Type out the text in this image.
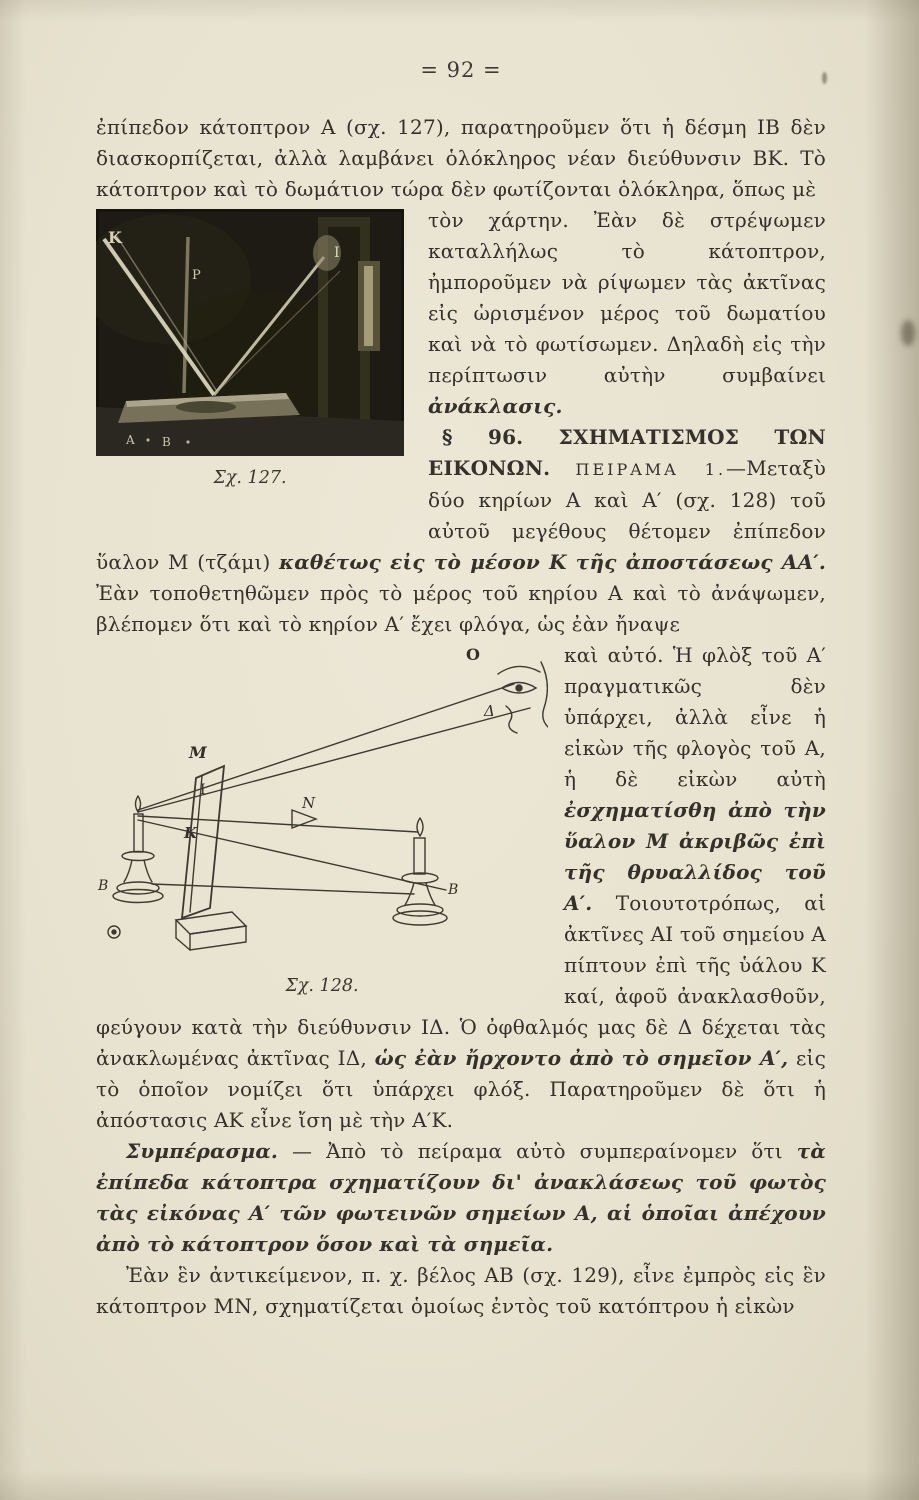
= 92 =

ἐπίπεδον κάτοπτρον Α (σχ. 127), παρατηροῦμεν ὅτι ἡ δέσμη ΙΒ δὲν διασκορπίζεται, ἀλλὰ λαμβάνει ὁλόκληρος νέαν διεύθυνσιν ΒΚ. Τὸ κάτοπτρον καὶ τὸ δωμάτιον τώρα δὲν φωτίζονται ὁλόκληρα, ὅπως μὲ

K
P
I
A B
Σχ. 127.

τὸν χάρτην. Ἐὰν δὲ στρέψωμεν καταλλήλως τὸ κάτοπτρον, ἠμποροῦμεν νὰ ρίψωμεν τὰς ἀκτῖνας εἰς ὡρισμένον μέρος τοῦ δωματίου καὶ νὰ τὸ φωτίσωμεν. Δηλαδὴ εἰς τὴν περίπτωσιν αὐτὴν συμβαίνει ἀνάκλασις.

§ 96. ΣΧΗΜΑΤΙΣΜΟΣ ΤΩΝ ΕΙΚΟΝΩΝ. ΠΕΙΡΑΜΑ 1.—Μεταξὺ δύο κηρίων Α καὶ Α′ (σχ. 128) τοῦ αὐτοῦ μεγέθους θέτομεν ἐπίπεδον ὕαλον Μ (τζάμι) καθέτως εἰς τὸ μέσον Κ τῆς ἀποστάσεως ΑΑ′. Ἐὰν τοποθετηθῶμεν πρὸς τὸ μέρος τοῦ κηρίου Α καὶ τὸ ἀνάψωμεν, βλέπομεν ὅτι καὶ τὸ κηρίον Α′ ἔχει φλόγα, ὡς ἐὰν ἤναψε

O
Δ
M
I
N
K
B	B
Σχ. 128.

καὶ αὐτό. Ἡ φλὸξ τοῦ Α′ πραγματικῶς δὲν ὑπάρχει, ἀλλὰ εἶνε ἡ εἰκὼν τῆς φλογὸς τοῦ Α, ἡ δὲ εἰκὼν αὐτὴ ἐσχηματίσθη ἀπὸ τὴν ὕαλον Μ ἀκριβῶς ἐπὶ τῆς θρυαλλίδος τοῦ Α′. Τοιουτοτρόπως, αἱ ἀκτῖνες ΑΙ τοῦ σημείου Α πίπτουν ἐπὶ τῆς ὑάλου Κ καί, ἀφοῦ ἀνακλασθοῦν, φεύγουν κατὰ τὴν διεύθυνσιν ΙΔ. Ὁ ὀφθαλμός μας δὲ Δ δέχεται τὰς ἀνακλωμένας ἀκτῖνας ΙΔ, ὡς ἐὰν ἤρχοντο ἀπὸ τὸ σημεῖον Α′, εἰς τὸ ὁποῖον νομίζει ὅτι ὑπάρχει φλόξ. Παρατηροῦμεν δὲ ὅτι ἡ ἀπόστασις ΑΚ εἶνε ἴση μὲ τὴν Α′Κ.

Συμπέρασμα. — Ἀπὸ τὸ πείραμα αὐτὸ συμπεραίνομεν ὅτι τὰ ἐπίπεδα κάτοπτρα σχηματίζουν δι' ἀνακλάσεως τοῦ φωτὸς τὰς εἰκόνας Α′ τῶν φωτεινῶν σημείων Α, αἱ ὁποῖαι ἀπέχουν ἀπὸ τὸ κάτοπτρον ὅσον καὶ τὰ σημεῖα.

Ἐὰν ἓν ἀντικείμενον, π. χ. βέλος ΑΒ (σχ. 129), εἶνε ἐμπρὸς εἰς ἓν κάτοπτρον ΜΝ, σχηματίζεται ὁμοίως ἐντὸς τοῦ κατόπτρου ἡ εἰκὼν
